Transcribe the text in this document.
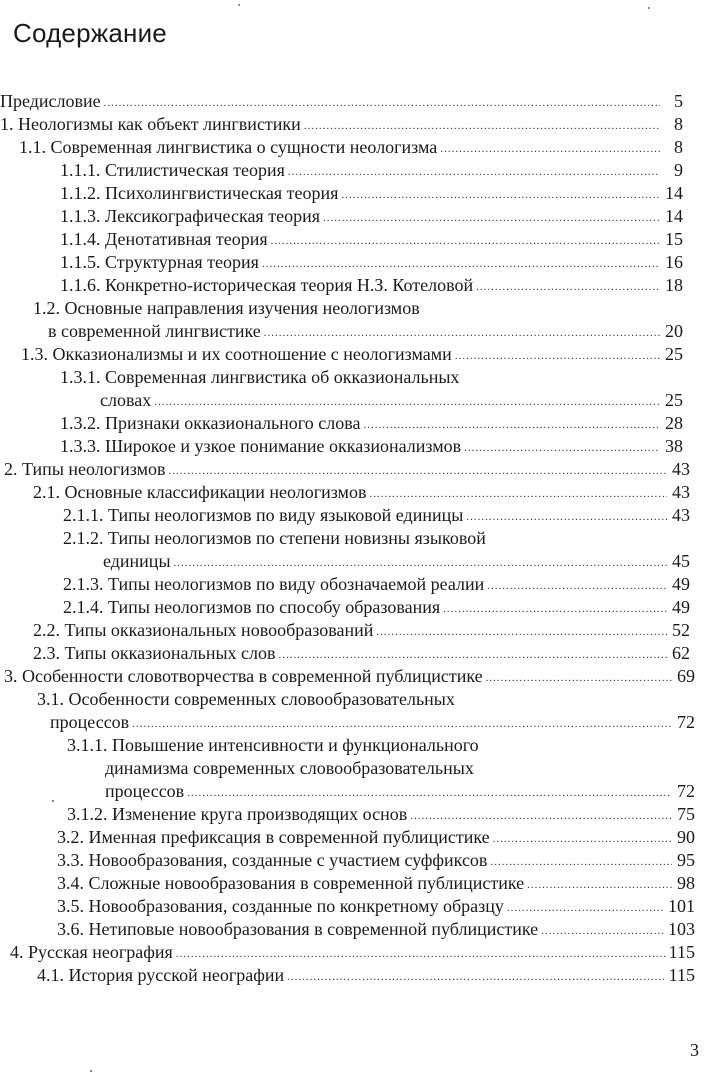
Содержание
Предисловие .....	5
1. Неологизмы как объект лингвистики .....	8
1.1. Современная лингвистика о сущности неологизма .....	8
1.1.1. Стилистическая теория .....	9
1.1.2. Психолингвистическая теория .....	14
1.1.3. Лексикографическая теория .....	14
1.1.4. Денотативная теория .....	15
1.1.5. Структурная теория .....	16
1.1.6. Конкретно-историческая теория Н.З. Котеловой .....	18
1.2. Основные направления изучения неологизмов
в современной лингвистике .....	20
1.3. Окказионализмы и их соотношение с неологизмами .....	25
1.3.1. Современная лингвистика об окказиональных
словах .....	25
1.3.2. Признаки окказионального слова .....	28
1.3.3. Широкое и узкое понимание окказионализмов .....	38
2. Типы неологизмов .....	43
2.1. Основные классификации неологизмов .....	43
2.1.1. Типы неологизмов по виду языковой единицы .....	43
2.1.2. Типы неологизмов по степени новизны языковой
единицы .....	45
2.1.3. Типы неологизмов по виду обозначаемой реалии .....	49
2.1.4. Типы неологизмов по способу образования .....	49
2.2. Типы окказиональных новообразований .....	52
2.3. Типы окказиональных слов .....	62
3. Особенности словотворчества в современной публицистике .....	69
3.1. Особенности современных словообразовательных
процессов .....	72
3.1.1. Повышение интенсивности и функционального
динамизма современных словообразовательных
процессов .....	72
3.1.2. Изменение круга производящих основ .....	75
3.2. Именная префиксация в современной публицистике .....	90
3.3. Новообразования, созданные с участием суффиксов .....	95
3.4. Сложные новообразования в современной публицистике .....	98
3.5. Новообразования, созданные по конкретному образцу .....	101
3.6. Нетиповые новообразования в современной публицистике .....	103
4. Русская неография .....	115
4.1. История русской неографии .....	115
3
